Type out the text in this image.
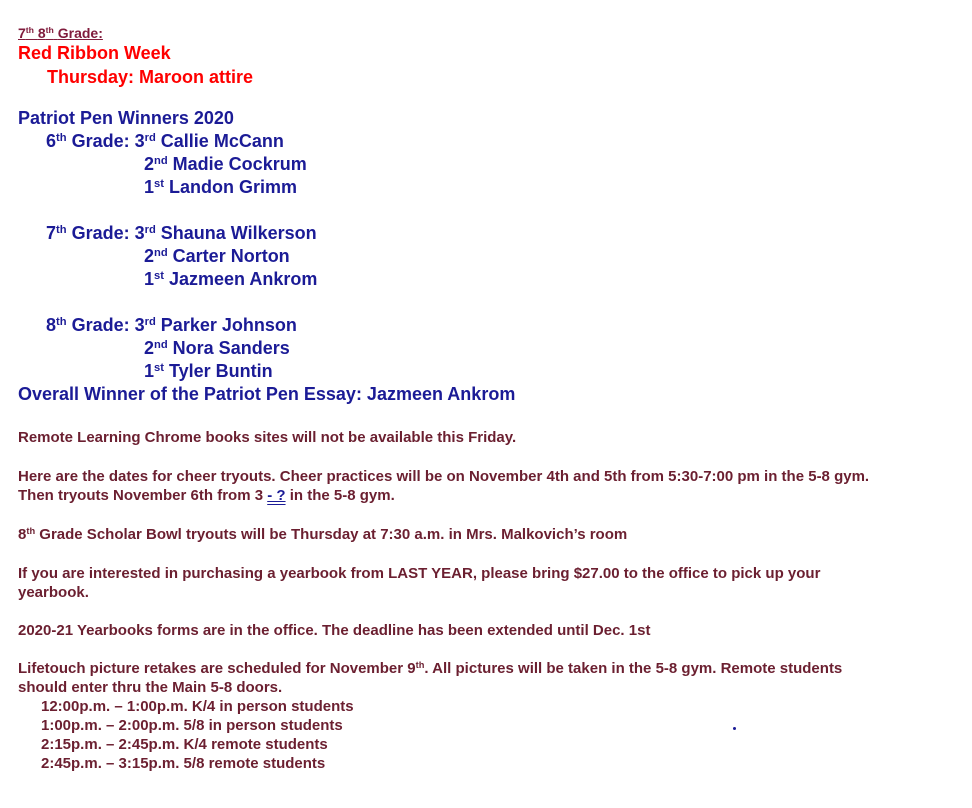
7th 8th Grade:
Red Ribbon Week
Thursday: Maroon attire
Patriot Pen Winners 2020
6th Grade: 3rd Callie McCann
2nd Madie Cockrum
1st Landon Grimm
7th Grade: 3rd Shauna Wilkerson
2nd Carter Norton
1st Jazmeen Ankrom
8th Grade: 3rd Parker Johnson
2nd Nora Sanders
1st Tyler Buntin
Overall Winner of the Patriot Pen Essay: Jazmeen Ankrom
Remote Learning Chrome books sites will not be available this Friday.
Here are the dates for cheer tryouts. Cheer practices will be on November 4th and 5th from 5:30-7:00 pm in the 5-8 gym.
Then tryouts November 6th from 3 - ? in the 5-8 gym.
8th Grade Scholar Bowl tryouts will be Thursday at 7:30 a.m. in Mrs. Malkovich’s room
If you are interested in purchasing a yearbook from LAST YEAR, please bring $27.00 to the office to pick up your
yearbook.
2020-21 Yearbooks forms are in the office. The deadline has been extended until Dec. 1st
Lifetouch picture retakes are scheduled for November 9th. All pictures will be taken in the 5-8 gym. Remote students
should enter thru the Main 5-8 doors.
12:00p.m. – 1:00p.m. K/4 in person students
1:00p.m. – 2:00p.m. 5/8 in person students
2:15p.m. – 2:45p.m. K/4 remote students
2:45p.m. – 3:15p.m. 5/8 remote students
